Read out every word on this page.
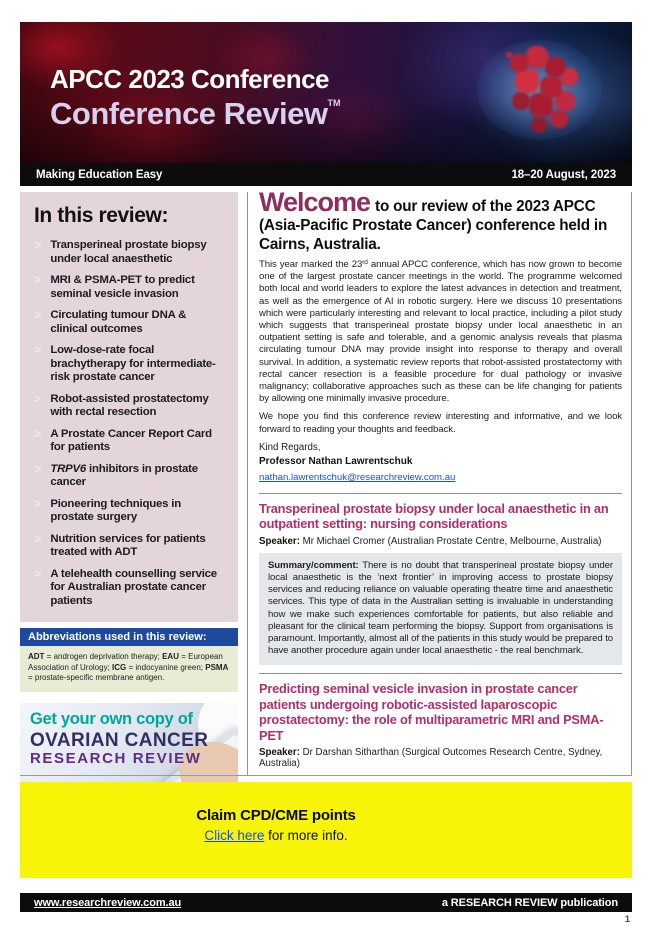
APCC 2023 Conference
Conference Review™
Making Education Easy	18–20 August, 2023
In this review:
> Transperineal prostate biopsy under local anaesthetic
> MRI & PSMA-PET to predict seminal vesicle invasion
> Circulating tumour DNA & clinical outcomes
> Low-dose-rate focal brachytherapy for intermediate-risk prostate cancer
> Robot-assisted prostatectomy with rectal resection
> A Prostate Cancer Report Card for patients
> TRPV6 inhibitors in prostate cancer
> Pioneering techniques in prostate surgery
> Nutrition services for patients treated with ADT
> A telehealth counselling service for Australian prostate cancer patients
Abbreviations used in this review:
ADT = androgen deprivation therapy; EAU = European Association of Urology; ICG = indocyanine green; PSMA = prostate-specific membrane antigen.
Get your own copy of
OVARIAN CANCER
RESEARCH REVIEW
Welcome to our review of the 2023 APCC (Asia-Pacific Prostate Cancer) conference held in Cairns, Australia.

This year marked the 23rd annual APCC conference, which has now grown to become one of the largest prostate cancer meetings in the world. The programme welcomed both local and world leaders to explore the latest advances in detection and treatment, as well as the emergence of AI in robotic surgery. Here we discuss 10 presentations which were particularly interesting and relevant to local practice, including a pilot study which suggests that transperineal prostate biopsy under local anaesthetic in an outpatient setting is safe and tolerable, and a genomic analysis reveals that plasma circulating tumour DNA may provide insight into response to therapy and overall survival. In addition, a systematic review reports that robot-assisted prostatectomy with rectal cancer resection is a feasible procedure for dual pathology or invasive malignancy; collaborative approaches such as these can be life changing for patients by allowing one minimally invasive procedure.

We hope you find this conference review interesting and informative, and we look forward to reading your thoughts and feedback.

Kind Regards,
Professor Nathan Lawrentschuk
nathan.lawrentschuk@researchreview.com.au
Transperineal prostate biopsy under local anaesthetic in an outpatient setting: nursing considerations
Speaker: Mr Michael Cromer (Australian Prostate Centre, Melbourne, Australia)
Summary/comment: There is no doubt that transperineal prostate biopsy under local anaesthetic is the ‘next frontier’ in improving access to prostate biopsy services and reducing reliance on valuable operating theatre time and anaesthetic services. This type of data in the Australian setting is invaluable in understanding how we make such experiences comfortable for patients, but also reliable and pleasant for the clinical team performing the biopsy. Support from organisations is paramount. Importantly, almost all of the patients in this study would be prepared to have another procedure again under local anaesthetic - the real benchmark.
Predicting seminal vesicle invasion in prostate cancer patients undergoing robotic-assisted laparoscopic prostatectomy: the role of multiparametric MRI and PSMA-PET
Speaker: Dr Darshan Sitharthan (Surgical Outcomes Research Centre, Sydney, Australia)
Claim CPD/CME points
Click here for more info.
www.researchreview.com.au	a RESEARCH REVIEW publication
1
